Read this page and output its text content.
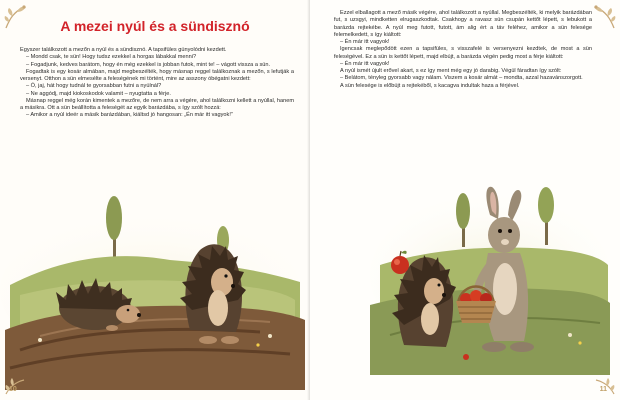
A mezei nyúl és a sündisznó

Egyszer találkozott a mezőn a nyúl és a sündisznó. A tapsifüles gúnyolódni kezdett.

– Mondd csak, te sün! Hogy tudsz ezekkel a horgas lábakkal menni?

– Fogadjunk, kedves barátom, hogy én még ezekkel is jobban futok, mint te! – vágott vissza a sün.

Fogadtak is egy kosár almában, majd megbeszélték, hogy másnap reggel találkoznak a mezőn, s lefutják a versenyt. Otthon a sün elmesélte a feleségének mi történt, mire az asszony óbégatni kezdett:

– Ó, jaj, hát hogy tudnál te gyorsabban futni a nyúlnál?

– Ne aggódj, majd kiokoskodok valamit – nyugtatta a férje.

Másnap reggel még korán kimentek a mezőre, de nem arra a végére, ahol találkozni kellett a nyúllal, hanem a másikra. Ott a sün beállította a feleségét az egyik barázdába, s így szólt hozzá:

– Amikor a nyúl ideér a másik barázdában, kiáltsd jó hangosan: „Én már itt vagyok!”

10

Ezzel elballagott a mező másik végére, ahol találkozott a nyúllal. Megbeszélték, ki melyik barázdában fut, s uzsgyi, mindketten elrugaszkodtak. Csakhogy a ravasz sün csupán kettőt lépett, s lebukott a barázda rejtekébe. A nyúl meg futott, futott, ám alig ért a táv feléhez, amikor a sün felesége felemelkedett, s így kiáltott:

– Én már itt vagyok!

Igencsak meglepődött ezen a tapsifüles, s visszafelé is versenyezni kezdtek, de most a sün feleségével. Ez a sün is kettőt lépett, majd elbújt, a barázda végén pedig most a férje kiáltott:

– Én már itt vagyok!

A nyúl ismét újult erővel akart, s ez így ment még egy jó darabig. Végül fáradtan így szólt:

– Belátom, tényleg gyorsabb vagy nálam. Viszem a kosár almát – mondta, azzal hazavánszorgott.

A sün felesége is előbújt a rejtekéből, s kacagva indultak haza a férjével.

11
